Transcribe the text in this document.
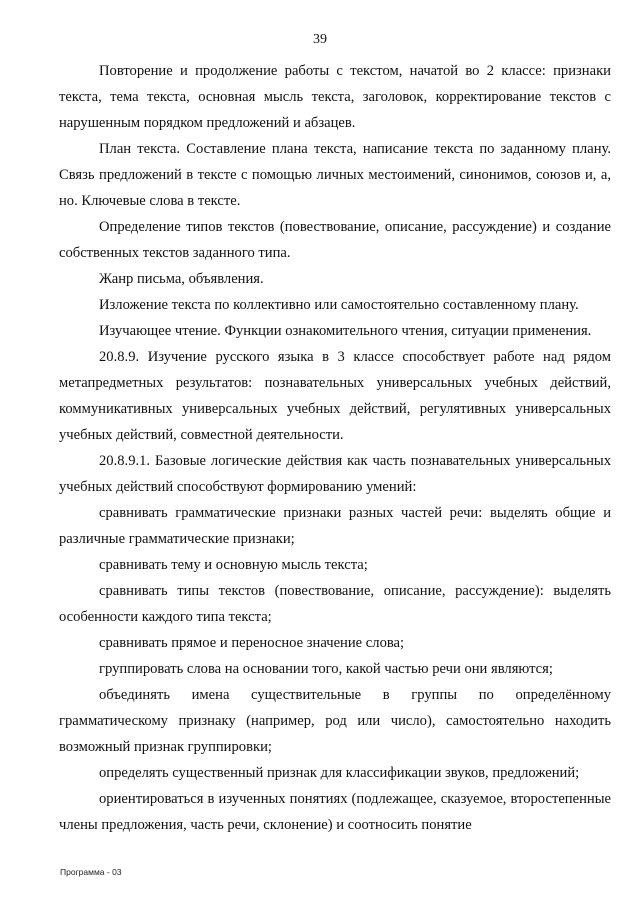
39

Повторение и продолжение работы с текстом, начатой во 2 классе: признаки текста, тема текста, основная мысль текста, заголовок, корректирование текстов с нарушенным порядком предложений и абзацев.

План текста. Составление плана текста, написание текста по заданному плану. Связь предложений в тексте с помощью личных местоимений, синонимов, союзов и, а, но. Ключевые слова в тексте.

Определение типов текстов (повествование, описание, рассуждение) и создание собственных текстов заданного типа.

Жанр письма, объявления.

Изложение текста по коллективно или самостоятельно составленному плану.

Изучающее чтение. Функции ознакомительного чтения, ситуации применения.

20.8.9. Изучение русского языка в 3 классе способствует работе над рядом метапредметных результатов: познавательных универсальных учебных действий, коммуникативных универсальных учебных действий, регулятивных универсальных учебных действий, совместной деятельности.

20.8.9.1. Базовые логические действия как часть познавательных универсальных учебных действий способствуют формированию умений:

сравнивать грамматические признаки разных частей речи: выделять общие и различные грамматические признаки;

сравнивать тему и основную мысль текста;

сравнивать типы текстов (повествование, описание, рассуждение): выделять особенности каждого типа текста;

сравнивать прямое и переносное значение слова;

группировать слова на основании того, какой частью речи они являются;

объединять имена существительные в группы по определённому грамматическому признаку (например, род или число), самостоятельно находить возможный признак группировки;

определять существенный признак для классификации звуков, предложений;

ориентироваться в изученных понятиях (подлежащее, сказуемое, второстепенные члены предложения, часть речи, склонение) и соотносить понятие

Программа - 03
